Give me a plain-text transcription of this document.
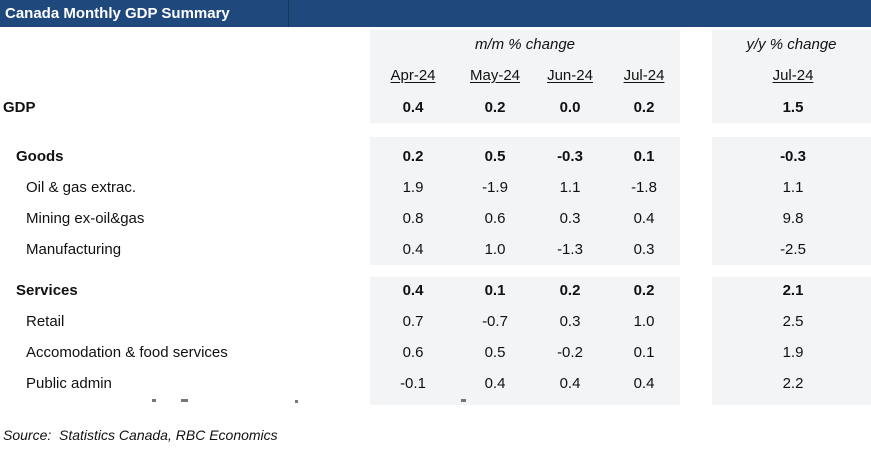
Canada Monthly GDP Summary
m/m % change	y/y % change
Apr-24	May-24	Jun-24	Jul-24	Jul-24
GDP	0.4	0.2	0.0	0.2	1.5
Goods	0.2	0.5	-0.3	0.1	-0.3
Oil & gas extrac.	1.9	-1.9	1.1	-1.8	1.1
Mining ex-oil&gas	0.8	0.6	0.3	0.4	9.8
Manufacturing	0.4	1.0	-1.3	0.3	-2.5
Services	0.4	0.1	0.2	0.2	2.1
Retail	0.7	-0.7	0.3	1.0	2.5
Accomodation & food services	0.6	0.5	-0.2	0.1	1.9
Public admin	-0.1	0.4	0.4	0.4	2.2
Source:  Statistics Canada, RBC Economics
